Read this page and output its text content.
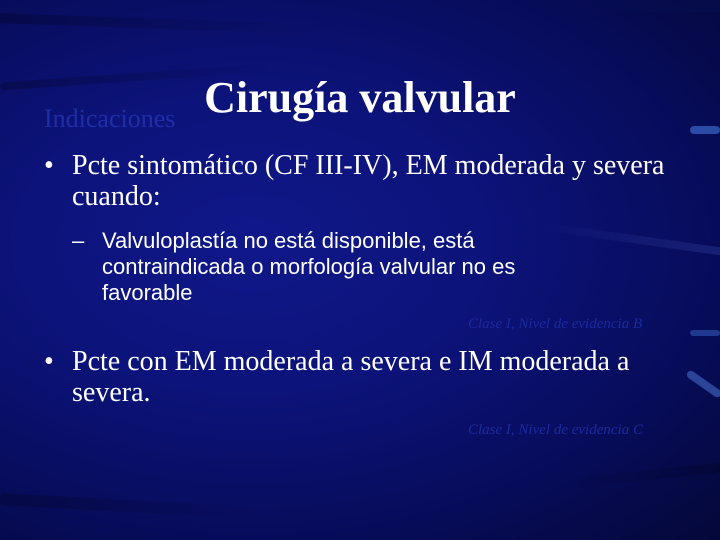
Indicaciones Cirugía valvular
• Pcte sintomático (CF III-IV), EM moderada y severa cuando:
– Valvuloplastía no está disponible, está contraindicada o morfología valvular no es favorable
Clase I, Nivel de evidencia B
• Pcte con EM moderada a severa e IM moderada a severa.
Clase I, Nivel de evidencia C
